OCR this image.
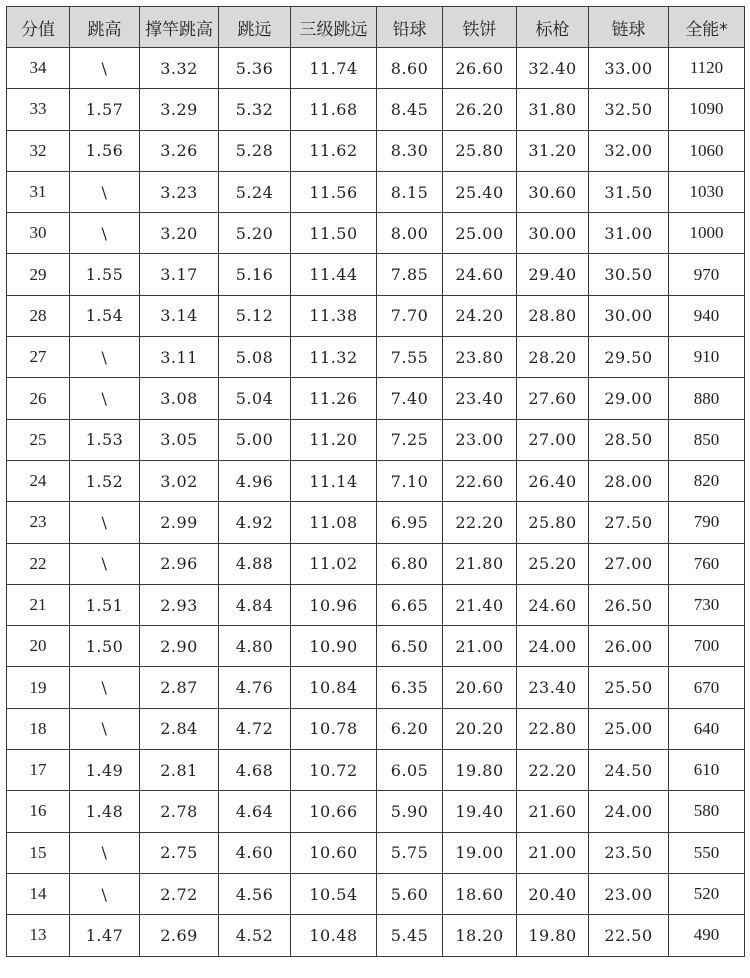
分值	跳高	撑竿跳高	跳远	三级跳远	铅球	铁饼	标枪	链球	全能*
34	\	3.32	5.36	11.74	8.60	26.60	32.40	33.00	1120
33	1.57	3.29	5.32	11.68	8.45	26.20	31.80	32.50	1090
32	1.56	3.26	5.28	11.62	8.30	25.80	31.20	32.00	1060
31	\	3.23	5.24	11.56	8.15	25.40	30.60	31.50	1030
30	\	3.20	5.20	11.50	8.00	25.00	30.00	31.00	1000
29	1.55	3.17	5.16	11.44	7.85	24.60	29.40	30.50	970
28	1.54	3.14	5.12	11.38	7.70	24.20	28.80	30.00	940
27	\	3.11	5.08	11.32	7.55	23.80	28.20	29.50	910
26	\	3.08	5.04	11.26	7.40	23.40	27.60	29.00	880
25	1.53	3.05	5.00	11.20	7.25	23.00	27.00	28.50	850
24	1.52	3.02	4.96	11.14	7.10	22.60	26.40	28.00	820
23	\	2.99	4.92	11.08	6.95	22.20	25.80	27.50	790
22	\	2.96	4.88	11.02	6.80	21.80	25.20	27.00	760
21	1.51	2.93	4.84	10.96	6.65	21.40	24.60	26.50	730
20	1.50	2.90	4.80	10.90	6.50	21.00	24.00	26.00	700
19	\	2.87	4.76	10.84	6.35	20.60	23.40	25.50	670
18	\	2.84	4.72	10.78	6.20	20.20	22.80	25.00	640
17	1.49	2.81	4.68	10.72	6.05	19.80	22.20	24.50	610
16	1.48	2.78	4.64	10.66	5.90	19.40	21.60	24.00	580
15	\	2.75	4.60	10.60	5.75	19.00	21.00	23.50	550
14	\	2.72	4.56	10.54	5.60	18.60	20.40	23.00	520
13	1.47	2.69	4.52	10.48	5.45	18.20	19.80	22.50	490
